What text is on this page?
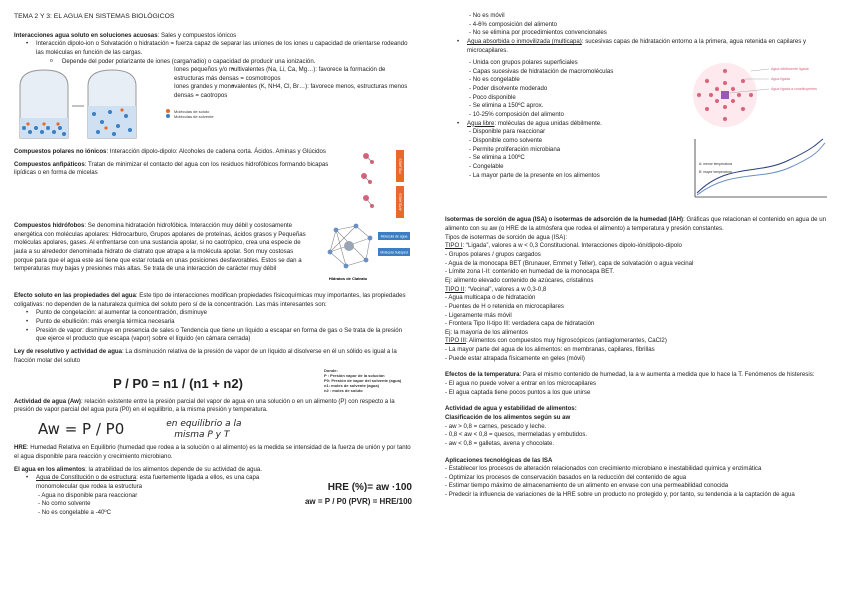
TEMA 2 Y 3: EL AGUA EN SISTEMAS BIOLÓGICOS
Interacciones agua soluto en soluciones acuosas: Sales y compuestos iónicos
• Interacción dipolo-ion o Solvatación o hidratación = fuerza capaz de separar las uniones de los iones u capacidad de orientarse rodeando las moléculas en función de las cargas.
o Depende del poder polarizante de iones (carga/radio) o capacidad de producir una ionización.
• Iones pequeños y/o multivalentes (Na, Li, Ca, Mg…): favorece la formación de estructuras más densas = cosmotropos
• Iones grandes y monovalentes (K, NH4, Cl, Br…): favorece menos, estructuras menos densas = caotropos
Moléculas de soluto
Moléculas de solvente
Compuestos polares no iónicos: Interacción dipolo-dipolo: Alcoholes de cadena corta. Ácidos. Aminas y Glúcidos
Compuestos anfipáticos: Tratan de minimizar el contacto del agua con los residuos hidrofóbicos formando bicapas lipídicas o en forma de micelas	POLARES
APOLARES
Compuestos hidrófobos: Se denomina hidratación hidrofóbica. Interacción muy débil y costosamente energética con moléculas apolares: Hidrocarburo, Grupos apolares de proteínas, ácidos grasos y Pequeñas moléculas apolares, gases. Al enfrentarse con una sustancia apolar, si no caotrópico, crea una especie de jaula a su alrededor denominada hidrato de clatrato que atrapa a la molécula apolar. Son muy costosas porque para que el agua este así tiene que estar rotada en unas posiciones desfavorables. Estos se dan a temperaturas muy bajas y presiones más altas. Se trata de una interacción de carácter muy débil
Molécula de agua
Molécula huésped
Hidratos de Clatrato
Efecto soluto en las propiedades del agua: Este tipo de interacciones modifican propiedades físicoquímicas muy importantes, las propiedades coligativas: no dependen de la naturaleza química del soluto pero sí de la concentración. Las más interesantes son:
• Punto de congelación: al aumentar la concentración, disminuye
• Punto de ebullición: más energía térmica necesaria
• Presión de vapor: disminuye en presencia de sales o Tendencia que tiene un líquido a escapar en forma de gas o Se trata de la presión que ejerce el producto que escapa (vapor) sobre el líquido (en cámara cerrada)
Ley de resolutivo y actividad de agua: La disminución relativa de la presión de vapor de un líquido al disolverse en él un sólido es igual a la fracción molar del soluto
P / P0 = n1 / (n1 + n2)
Donde:
P : Presión vapor de la solución
P0: Presión de vapor del solvente (agua)
n1: moles de solvente (agua)
n2 : moles de soluto
Actividad de agua (Aw): relación existente entre la presión parcial del vapor de agua en una solución o en un alimento (P) con respecto a la presión de vapor parcial del agua pura (P0) en el equilibrio, a la misma presión y temperatura.
Aw = P / P0	en equilibrio a la
misma P y T
HRE: Humedad Relativa en Equilibrio (humedad que rodea a la solución o al alimento) es la medida se intensidad de la fuerza de unión y por tanto el agua disponible para reacción y crecimiento microbiano.
El agua en los alimentos: la atrabilidad de los alimentos depende de su actividad de agua.
• Agua de Constitución o de estructura: esta fuertemente ligada a ellos, es una capa monomolecular que rodea la estructura
- Agua no disponible para reaccionar
- No como solvente
- No es congelable a -40ºC
HRE (%)= aw ·100
aw = P / P0 (PVR) = HRE/100
- No es móvil
- 4-6% composición del alimento
- No se elimina por procedimientos convencionales
• Agua absorbida o inmovilizada (multicapa): sucesivas capas de hidratación entorno a la primera, agua retenida en capilares y microcapilares.
- Unida con grupos polares superficiales
- Capas sucesivas de hidratación de macromoléculas
- No es congelable
- Poder disolvente moderado
- Poco disponible
- Se elimina a 150ºC aprox.
- 10-25% composición del alimento
• Agua libre: moléculas de agua unidas débilmente.
- Disponible para reaccionar
- Disponible como solvente
- Permite proliferación microbiana
- Se elimina a 100ºC
- Congelable
- La mayor parte de la presente en los alimentos
Agua débilmente ligada
Agua ligada
Agua ligada a constituyentes

A: menor temperatura
B: mayor temperatura
Isotermas de sorción de agua (ISA) o isotermas de adsorción de la humedad (IAH): Gráficas que relacionan el contenido en agua de un alimento con su aw (o HRE de la atmósfera que rodea el alimento) a temperatura y presión constantes.
Tipos de isotermas de sorción de agua (ISA):
TIPO I: “Ligada”, valores a w < 0,3 Constitucional. Interacciones dipolo-ión/dipolo-dipolo
- Grupos polares / grupos cargados
- Agua de la monocapa BET (Brunauer, Emmet y Teller), capa de solvatación o agua vecinal
- Límite zona I-II: contenido en humedad de la monocapa BET.
Ej: alimento elevado contenido de azúcares, cristalinos
TIPO II: “Vecinal”, valores a w 0,3-0,8
- Agua multicapa o de hidratación
- Puentes de H o retenida en microcapilares
- Ligeramente más móvil
- Frontera Tipo II-tipo III: verdadera capa de hidratación
Ej: la mayoría de los alimentos
TIPO III: Alimentos con compuestos muy higroscópicos (antiaglomerantes, CaCl2)
- La mayor parte del agua de los alimentos: en membranas, capilares, fibrillas
- Puede estar atrapada físicamente en geles (móvil)
Efectos de la temperatura: Para el mismo contenido de humedad, la a w aumenta a medida que lo hace la T. Fenómenos de histeresis:
- El agua no puede volver a entrar en los microcapilares
- El agua captada tiene pocos puntos a los que unirse
Actividad de agua y estabilidad de alimentos:
Clasificación de los alimentos según su aw
- aw > 0,8 = carnes, pescado y leche.
- 0,8 < aw < 0,8 = quesos, mermeladas y embutidos.
- aw < 0,8 = galletas, avena y chocolate.
Aplicaciones tecnológicas de las ISA
- Establecer los procesos de alteración relacionados con crecimiento microbiano e inestabilidad química y enzimática
- Optimizar los procesos de conservación basados en la reducción del contenido de agua
- Estimar tiempo máximo de almacenamiento de un alimento en envase con una permeabilidad conocida
- Predecir la influencia de variaciones de la HRE sobre un producto no protegido y, por tanto, su tendencia a la captación de agua
